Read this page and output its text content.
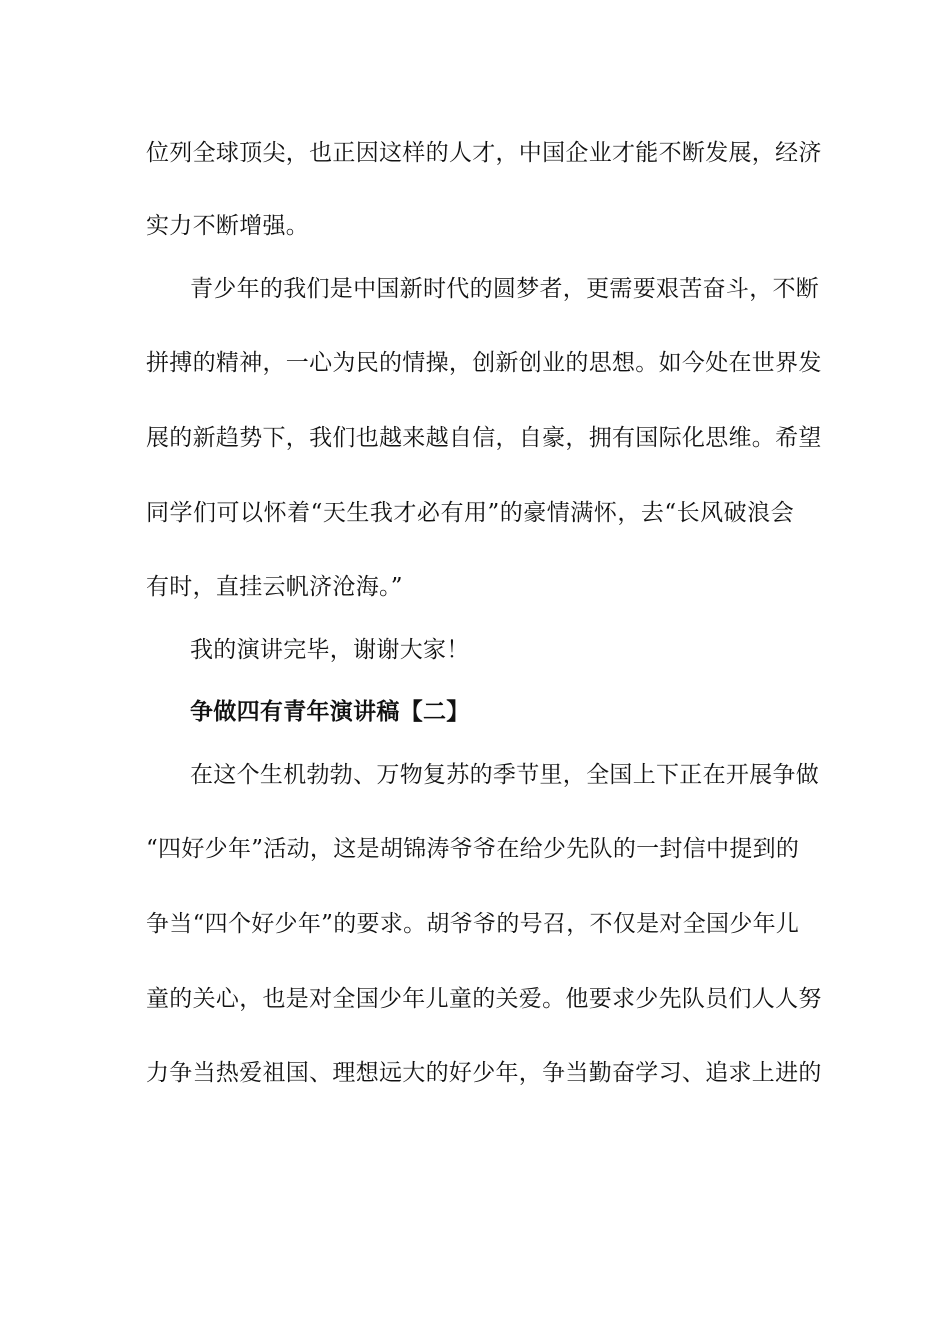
位列全球顶尖，也正因这样的人才，中国企业才能不断发展，经济
实力不断增强。
青少年的我们是中国新时代的圆梦者，更需要艰苦奋斗，不断
拼搏的精神，一心为民的情操，创新创业的思想。如今处在世界发
展的新趋势下，我们也越来越自信，自豪，拥有国际化思维。希望
同学们可以怀着“天生我才必有用”的豪情满怀，去“长风破浪会
有时，直挂云帆济沧海。”
我的演讲完毕，谢谢大家！
争做四有青年演讲稿【二】
在这个生机勃勃、万物复苏的季节里，全国上下正在开展争做
“四好少年”活动，这是胡锦涛爷爷在给少先队的一封信中提到的
争当“四个好少年”的要求。胡爷爷的号召，不仅是对全国少年儿
童的关心，也是对全国少年儿童的关爱。他要求少先队员们人人努
力争当热爱祖国、理想远大的好少年，争当勤奋学习、追求上进的
